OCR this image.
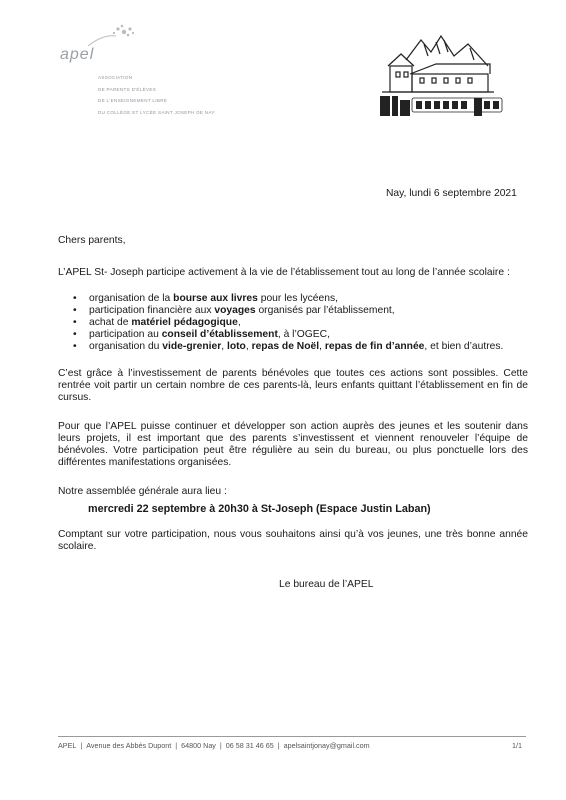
apel
ASSOCIATION
DE PARENTS D'ÉLÈVES
DE L'ENSEIGNEMENT LIBRE
DU COLLÈGE ET LYCÉE SAINT JOSEPH DE NAY
Nay, lundi 6 septembre 2021
Chers parents,
L’APEL St- Joseph participe activement à la vie de l’établissement tout au long de l’année scolaire :
• organisation de la bourse aux livres pour les lycéens,
• participation financière aux voyages organisés par l’établissement,
• achat de matériel pédagogique,
• participation au conseil d’établissement, à l’OGEC,
• organisation du vide-grenier, loto, repas de Noël, repas de fin d’année, et bien d’autres.
C’est grâce à l’investissement de parents bénévoles que toutes ces actions sont possibles. Cette rentrée voit partir un certain nombre de ces parents-là, leurs enfants quittant l’établissement en fin de cursus.
Pour que l’APEL puisse continuer et développer son action auprès des jeunes et les soutenir dans leurs projets, il est important que des parents s’investissent et viennent renouveler l’équipe de bénévoles. Votre participation peut être régulière au sein du bureau, ou plus ponctuelle lors des différentes manifestations organisées.
Notre assemblée générale aura lieu :
mercredi 22 septembre à 20h30 à St-Joseph (Espace Justin Laban)
Comptant sur votre participation, nous vous souhaitons ainsi qu’à vos jeunes, une très bonne année scolaire.
Le bureau de l’APEL
APEL | Avenue des Abbés Dupont | 64800 Nay | 06 58 31 46 65 | apelsaintjonay@gmail.com	1/1
